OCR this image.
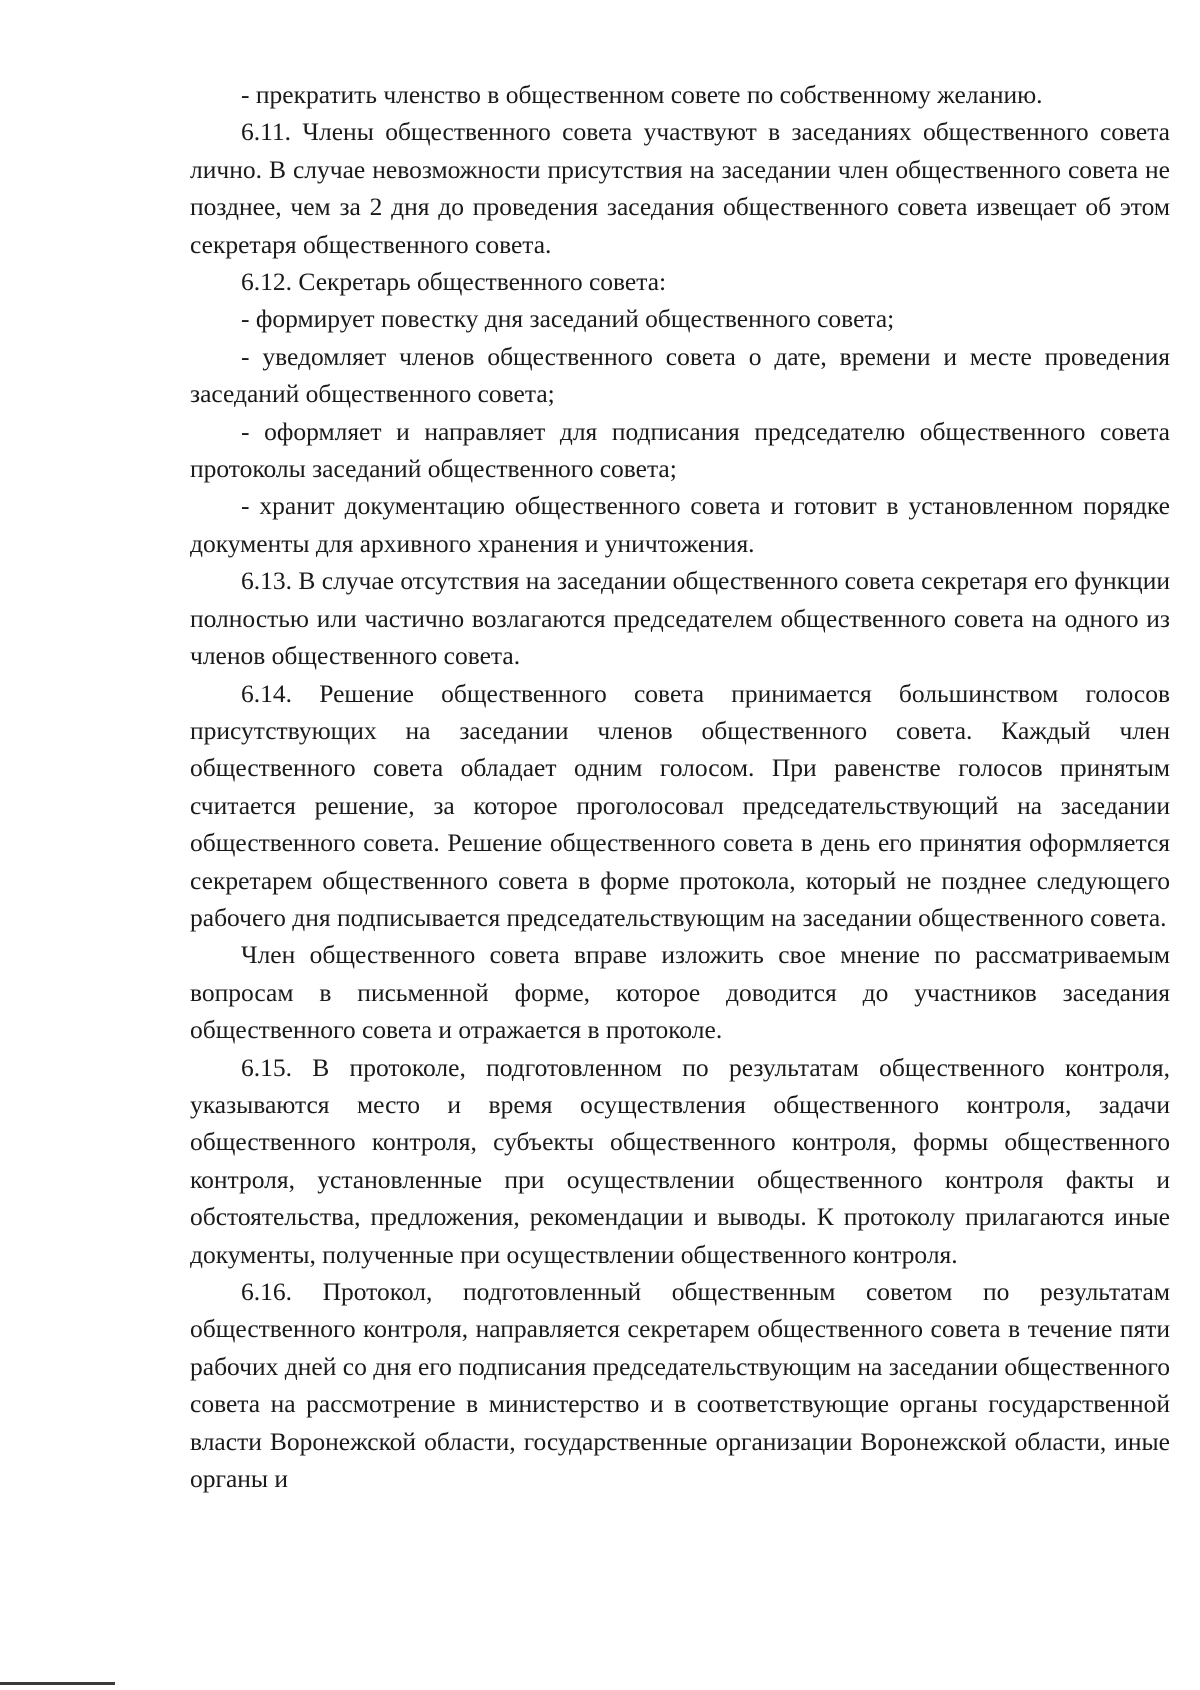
- прекратить членство в общественном совете по собственному желанию.

6.11. Члены общественного совета участвуют в заседаниях общественного совета лично. В случае невозможности присутствия на заседании член общественного совета не позднее, чем за 2 дня до проведения заседания общественного совета извещает об этом секретаря общественного совета.

6.12. Секретарь общественного совета:

- формирует повестку дня заседаний общественного совета;

- уведомляет членов общественного совета о дате, времени и месте проведения заседаний общественного совета;

- оформляет и направляет для подписания председателю общественного совета протоколы заседаний общественного совета;

- хранит документацию общественного совета и готовит в установленном порядке документы для архивного хранения и уничтожения.

6.13. В случае отсутствия на заседании общественного совета секретаря его функции полностью или частично возлагаются председателем общественного совета на одного из членов общественного совета.

6.14. Решение общественного совета принимается большинством голосов присутствующих на заседании членов общественного совета. Каждый член общественного совета обладает одним голосом. При равенстве голосов принятым считается решение, за которое проголосовал председательствующий на заседании общественного совета. Решение общественного совета в день его принятия оформляется секретарем общественного совета в форме протокола, который не позднее следующего рабочего дня подписывается председательствующим на заседании общественного совета.

Член общественного совета вправе изложить свое мнение по рассматриваемым вопросам в письменной форме, которое доводится до участников заседания общественного совета и отражается в протоколе.

6.15. В протоколе, подготовленном по результатам общественного контроля, указываются место и время осуществления общественного контроля, задачи общественного контроля, субъекты общественного контроля, формы общественного контроля, установленные при осуществлении общественного контроля факты и обстоятельства, предложения, рекомендации и выводы. К протоколу прилагаются иные документы, полученные при осуществлении общественного контроля.

6.16. Протокол, подготовленный общественным советом по результатам общественного контроля, направляется секретарем общественного совета в течение пяти рабочих дней со дня его подписания председательствующим на заседании общественного совета на рассмотрение в министерство и в соответствующие органы государственной власти Воронежской области, государственные организации Воронежской области, иные органы и
